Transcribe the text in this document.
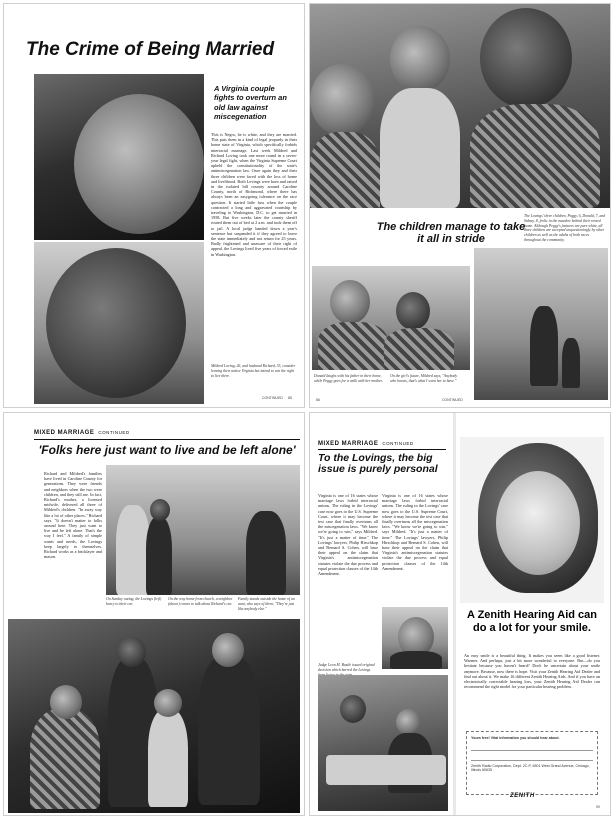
The Crime of Being Married
A Virginia couple fights to overturn an old law against miscegenation
This is Negro, he is white, and they are married. This puts them in a kind of legal jeopardy in their home state of Virginia, which specifically forbids interracial marriage. Last week Mildred and Richard Loving took one more round in a seven-year legal fight, when the Virginia Supreme Court upheld the constitutionality of the state's antimiscegenation law. Once again they and their three children were faced with the loss of home and livelihood. Both Lovings were born and raised in the isolated hill country around Caroline County, north of Richmond, where there has always been an easygoing tolerance on the race question. It started little fuss when the couple contracted a long and aggravated courtship by traveling to Washington, D.C. to get married in 1958. But five weeks later the county sheriff routed them out of bed at 2 a.m. and took them off to jail. A local judge handed down a year's sentence but suspended it if they agreed to leave the state immediately and not return for 25 years. Badly frightened and unaware of their right of appeal, the Lovings lived five years of forced exile in Washington.
Mildred Loving, 26, and husband Richard, 33, consider leaving their native Virginia but intend to win the right to live there.
CONTINUED 85
The children manage to take it all in stride
The Lovings' three children, Peggy, 6, Donald, 7, and Sidney, 8, frolic in the meadow behind their rented home. Although Peggy's features are pure white, all three children are accepted unquestioningly by other children as well as the adults of both races throughout the community.
Donald laughs with his father in their home, while Peggy goes for a walk with her mother.
On the girl's future, Mildred says, "Anybody who knows, that's what I want her to have."
86	CONTINUED
MIXED MARRIAGE CONTINUED
'Folks here just want to live and be left alone'
Richard and Mildred's families have lived in Caroline County for generations. They were friends and neighbors when the two were children, and they still are. In fact, Richard's mother, a licensed midwife, delivered all three of Mildred's children. "In away way like a lot of other places," Richard says. "It doesn't matter to folks around here. They just want to live and be left alone. That's the way I feel." A family of simple wants and needs, the Lovings keep largely to themselves. Richard works as a bricklayer and mason.
On Sunday outing, the Lovings (left) hurry to their car.
On the way home from church, a neighbor (above) comes to talk about Richard's car.
Family stands outside the home of an aunt, who says of them: "They're just like anybody else."
MIXED MARRIAGE CONTINUED
To the Lovings, the big issue is purely personal
Virginia is one of 16 states whose marriage laws forbid interracial unions. The ruling in the Lovings' case now goes to the U.S. Supreme Court, where it may become the test case that finally overturns all the miscegenation laws. "We know we're going to win," says Mildred. "It's just a matter of time." The Lovings' lawyers, Philip Hirschkop and Bernard S. Cohen, will base their appeal on the claim that Virginia's antimiscegenation statutes violate the due process and equal protection clauses of the 14th Amendment.
Virginia is one of 16 states whose marriage laws forbid interracial unions. The ruling in the Lovings' case now goes to the U.S. Supreme Court, where it may become the test case that finally overturns all the miscegenation laws. "We know we're going to win," says Mildred. "It's just a matter of time." The Lovings' lawyers, Philip Hirschkop and Bernard S. Cohen, will base their appeal on the claim that Virginia's antimiscegenation statutes violate the due process and equal protection clauses of the 14th Amendment.
Judge Leon M. Bazile issued original decision which barred the Lovings
A Zenith Hearing Aid can do a lot for your smile.
An easy smile is a beautiful thing. It makes you seem like a good listener. Warmer. And perhaps, just a bit more wonderful to everyone. But—do you hesitate because you haven't heard? Don't be uncertain about your smile anymore. Because, now there is hope. Visit your Zenith Hearing Aid Dealer and find out about it. We make 16 different Zenith Hearing Aids. And if you have an electronically correctable hearing loss, your Zenith Hearing Aid Dealer can recommend the right model for your particular hearing problem.
Yours free! Vital information you should hear about.
Zenith Radio Corporation, Dept. 2C-P, 6501 West Grand Avenue, Chicago, Illinois 60635
ZENITH
90
